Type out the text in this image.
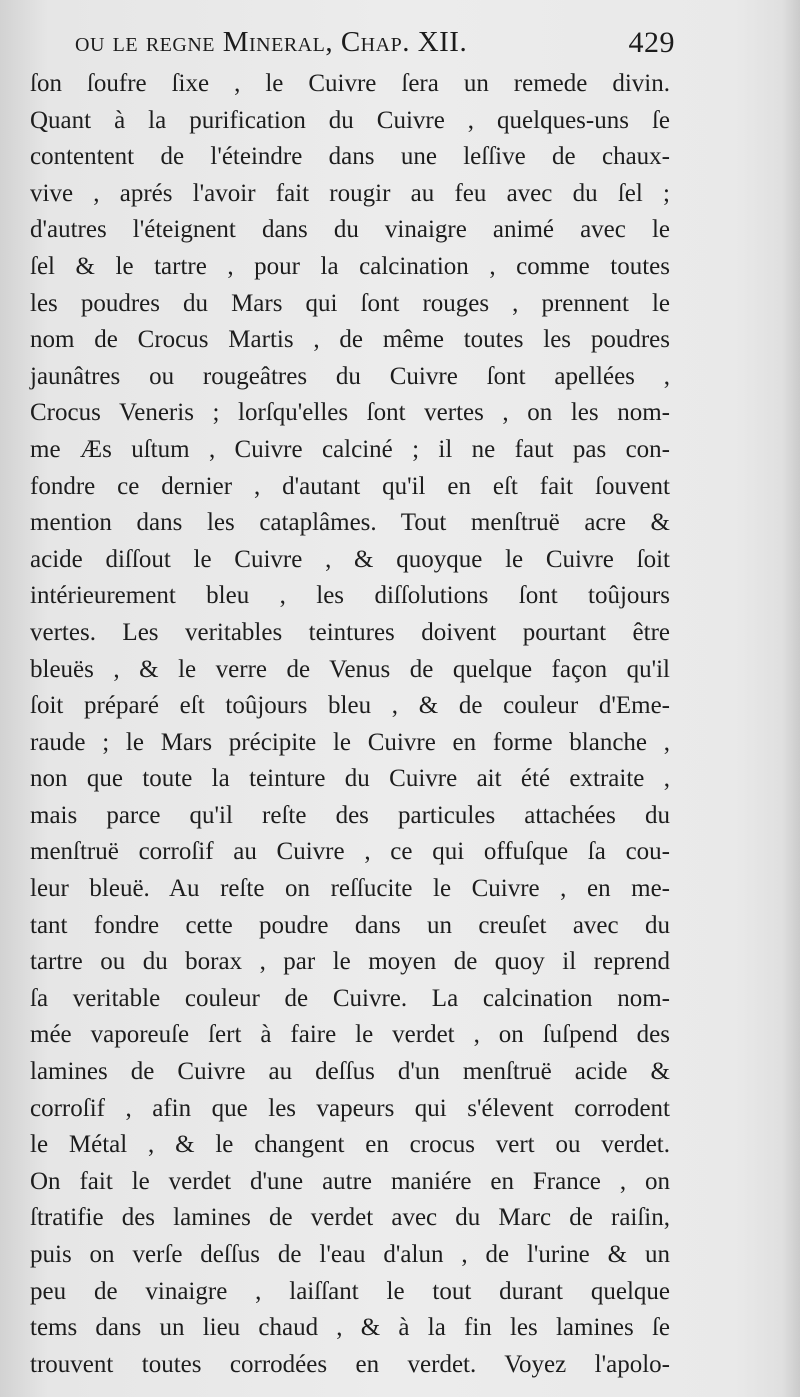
ou le regne Mineral, Chap. XII.	429
ſon ſoufre ſixe , le Cuivre ſera un remede divin.
Quant à la purification du Cuivre , quelques-uns ſe
contentent de l'éteindre dans une leſſive de chaux-
vive , aprés l'avoir fait rougir au feu avec du ſel ;
d'autres l'éteignent dans du vinaigre animé avec le
ſel & le tartre , pour la calcination , comme toutes
les poudres du Mars qui ſont rouges , prennent le
nom de Crocus Martis , de même toutes les poudres
jaunâtres ou rougeâtres du Cuivre ſont apellées ,
Crocus Veneris ; lorſqu'elles ſont vertes , on les nom-
me Æs uſtum , Cuivre calciné ; il ne faut pas con-
fondre ce dernier , d'autant qu'il en eſt fait ſouvent
mention dans les cataplâmes. Tout menſtruë acre &
acide diſſout le Cuivre , & quoyque le Cuivre ſoit
intérieurement bleu , les diſſolutions ſont toûjours
vertes. Les veritables teintures doivent pourtant être
bleuës , & le verre de Venus de quelque façon qu'il
ſoit préparé eſt toûjours bleu , & de couleur d'Eme-
raude ; le Mars précipite le Cuivre en forme blanche ,
non que toute la teinture du Cuivre ait été extraite ,
mais parce qu'il reſte des particules attachées du
menſtruë corroſif au Cuivre , ce qui offuſque ſa cou-
leur bleuë. Au reſte on reſſucite le Cuivre , en me-
tant fondre cette poudre dans un creuſet avec du
tartre ou du borax , par le moyen de quoy il reprend
ſa veritable couleur de Cuivre. La calcination nom-
mée vaporeuſe ſert à faire le verdet , on ſuſpend des
lamines de Cuivre au deſſus d'un menſtruë acide &
corroſif , afin que les vapeurs qui s'élevent corrodent
le Métal , & le changent en crocus vert ou verdet.
On fait le verdet d'une autre maniére en France , on
ſtratifie des lamines de verdet avec du Marc de raiſin,
puis on verſe deſſus de l'eau d'alun , de l'urine & un
peu de vinaigre , laiſſant le tout durant quelque
tems dans un lieu chaud , & à la fin les lamines ſe
trouvent toutes corrodées en verdet. Voyez l'apolo-
